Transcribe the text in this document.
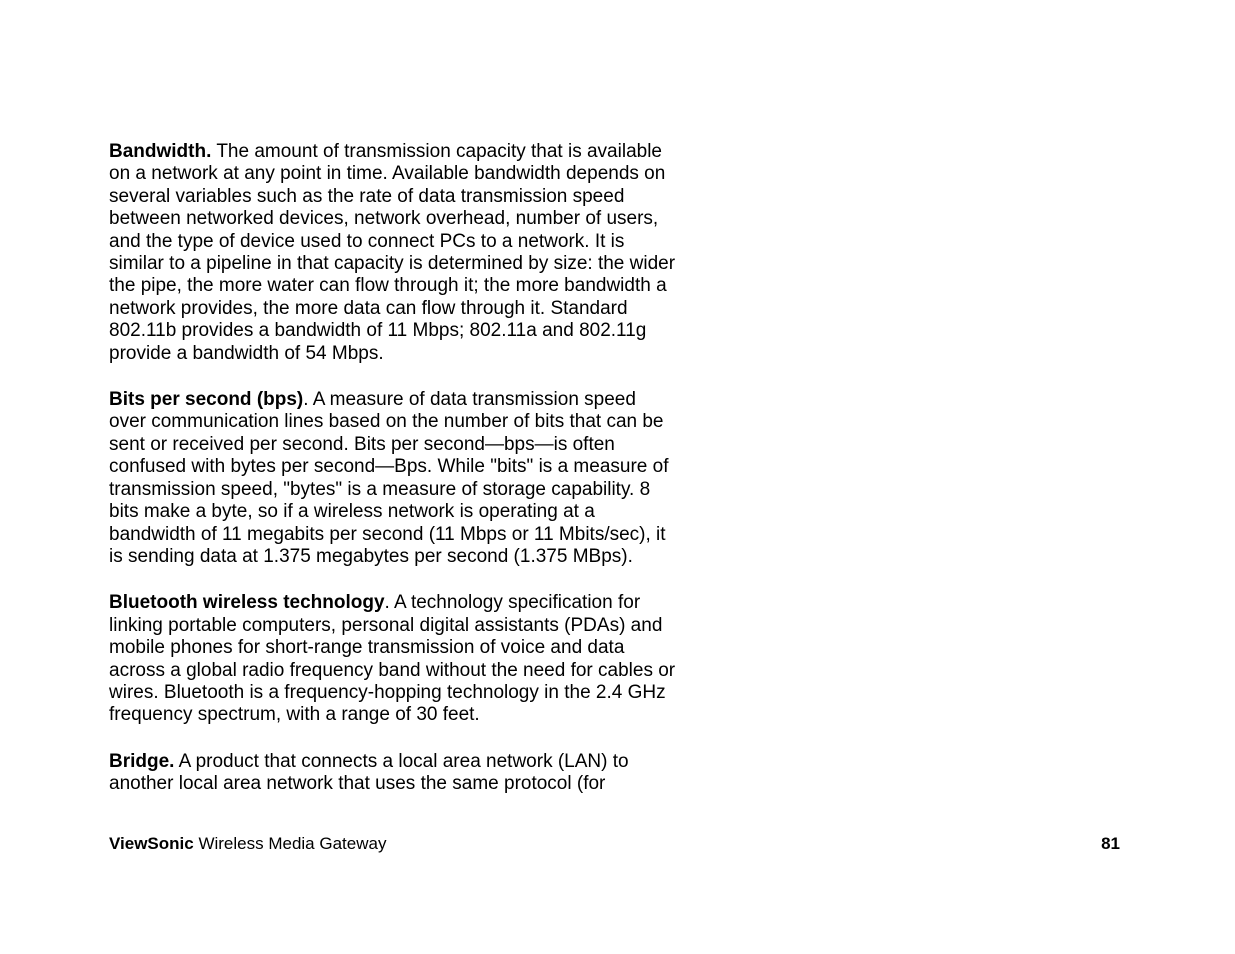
Bandwidth. The amount of transmission capacity that is available
on a network at any point in time. Available bandwidth depends on
several variables such as the rate of data transmission speed
between networked devices, network overhead, number of users,
and the type of device used to connect PCs to a network. It is
similar to a pipeline in that capacity is determined by size: the wider
the pipe, the more water can flow through it; the more bandwidth a
network provides, the more data can flow through it. Standard
802.11b provides a bandwidth of 11 Mbps; 802.11a and 802.11g
provide a bandwidth of 54 Mbps.

Bits per second (bps). A measure of data transmission speed
over communication lines based on the number of bits that can be
sent or received per second. Bits per second—bps—is often
confused with bytes per second—Bps. While "bits" is a measure of
transmission speed, "bytes" is a measure of storage capability. 8
bits make a byte, so if a wireless network is operating at a
bandwidth of 11 megabits per second (11 Mbps or 11 Mbits/sec), it
is sending data at 1.375 megabytes per second (1.375 MBps).

Bluetooth wireless technology. A technology specification for
linking portable computers, personal digital assistants (PDAs) and
mobile phones for short-range transmission of voice and data
across a global radio frequency band without the need for cables or
wires. Bluetooth is a frequency-hopping technology in the 2.4 GHz
frequency spectrum, with a range of 30 feet.

Bridge. A product that connects a local area network (LAN) to
another local area network that uses the same protocol (for

ViewSonic Wireless Media Gateway	81
